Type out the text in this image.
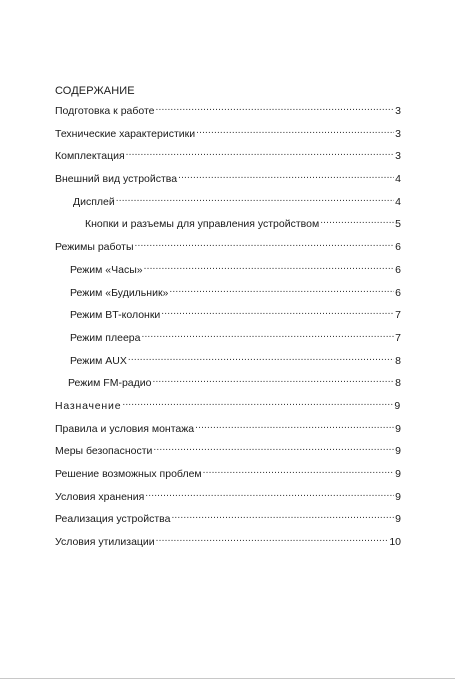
СОДЕРЖАНИЕ
Подготовка к работе .....	3
Технические характеристики .....	3
Комплектация .....	3
Внешний вид устройства .....	4
Дисплей .....	4
Кнопки и разъемы для управления устройством .....	5
Режимы работы .....	6
Режим «Часы» .....	6
Режим «Будильник» .....	6
Режим BT-колонки .....	7
Режим плеера .....	7
Режим AUX .....	8
Режим FM-радио .....	8
Назначение .....	9
Правила и условия монтажа .....	9
Меры безопасности .....	9
Решение возможных проблем .....	9
Условия хранения .....	9
Реализация устройства .....	9
Условия утилизации .....	10
